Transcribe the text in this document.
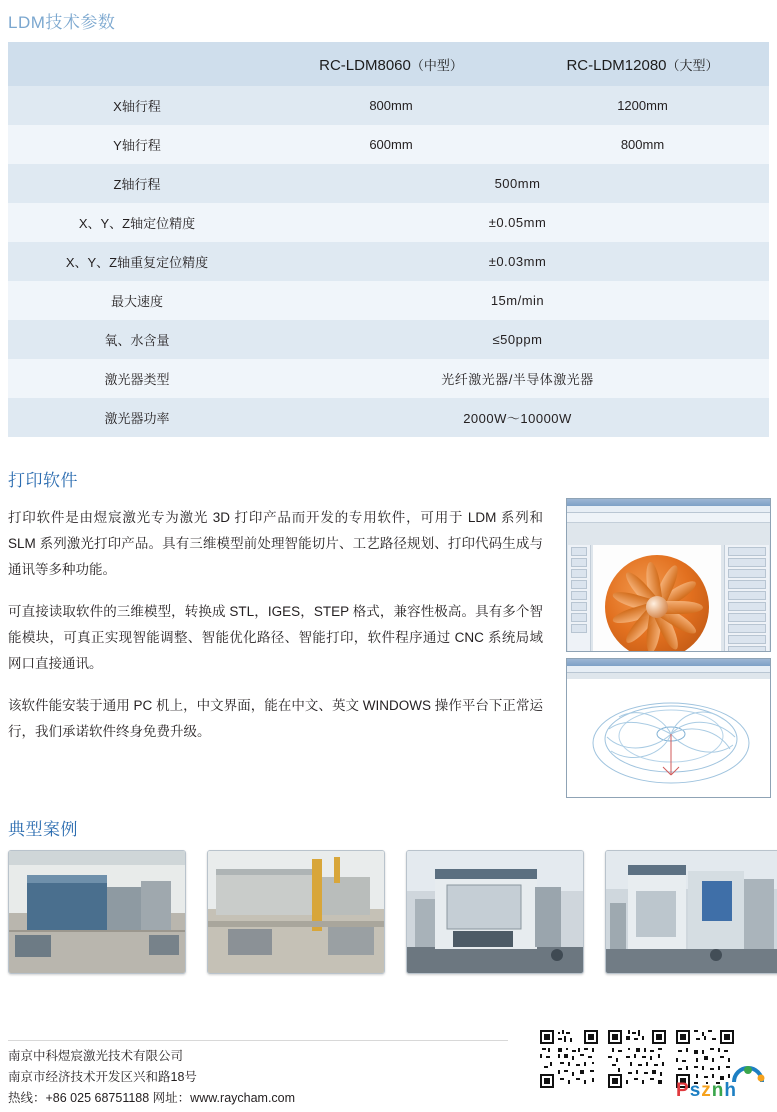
LDM技术参数
	RC-LDM8060（中型）	RC-LDM12080（大型）
X轴行程	800mm	1200mm
Y轴行程	600mm	800mm
Z轴行程	500mm	
X、Y、Z轴定位精度	±0.05mm	
X、Y、Z轴重复定位精度	±0.03mm	
最大速度	15m/min	
氧、水含量	≤50ppm	
激光器类型	光纤激光器/半导体激光器	
激光器功率	2000W～10000W	
打印软件

打印软件是由煜宸激光专为激光 3D 打印产品而开发的专用软件，可用于 LDM 系列和 SLM 系列激光打印产品。具有三维模型前处理智能切片、工艺路径规划、打印代码生成与通讯等多种功能。

可直接读取软件的三维模型，转换成 STL，IGES，STEP 格式，兼容性极高。具有多个智能模块，可真正实现智能调整、智能优化路径、智能打印，软件程序通过 CNC 系统局域网口直接通讯。

该软件能安装于通用 PC 机上，中文界面，能在中文、英文 WINDOWS 操作平台下正常运行，我们承诺软件终身免费升级。

典型案例
南京中科煜宸激光技术有限公司
南京市经济技术开发区兴和路18号
热线：+86 025 68751188 网址：www.raycham.com	Psznh
